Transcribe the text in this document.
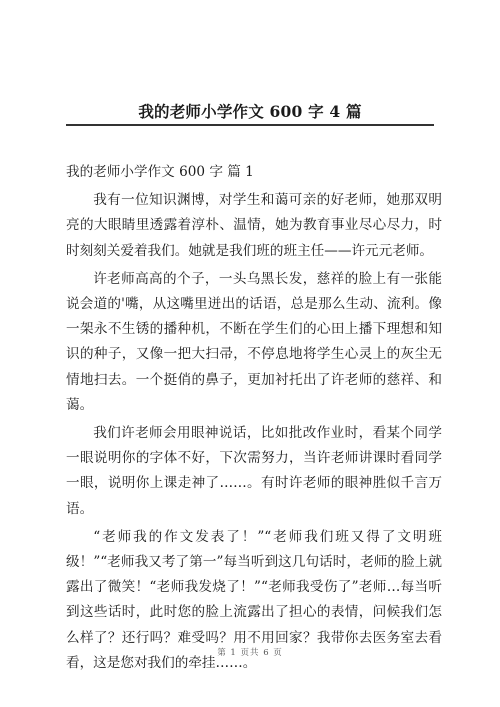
我的老师小学作文 600 字 4 篇
我的老师小学作文 600 字 篇 1

我有一位知识渊博，对学生和蔼可亲的好老师，她那双明亮的大眼睛里透露着淳朴、温情，她为教育事业尽心尽力，时时刻刻关爱着我们。她就是我们班的班主任——许元元老师。

许老师高高的个子，一头乌黑长发，慈祥的脸上有一张能说会道的'嘴，从这嘴里迸出的话语，总是那么生动、流利。像一架永不生锈的播种机，不断在学生们的心田上播下理想和知识的种子，又像一把大扫帚，不停息地将学生心灵上的灰尘无情地扫去。一个挺俏的鼻子，更加衬托出了许老师的慈祥、和蔼。

我们许老师会用眼神说话，比如批改作业时，看某个同学一眼说明你的字体不好，下次需努力，当许老师讲课时看同学一眼，说明你上课走神了……。有时许老师的眼神胜似千言万语。

“老师我的作文发表了！”“老师我们班又得了文明班级！”“老师我又考了第一”每当听到这几句话时，老师的脸上就露出了微笑！“老师我发烧了！”“老师我受伤了”老师…每当听到这些话时，此时您的脸上流露出了担心的表情，问候我们怎么样了？还行吗？难受吗？用不用回家？我带你去医务室去看看，这是您对我们的牵挂……。

第 1 页共 6 页
